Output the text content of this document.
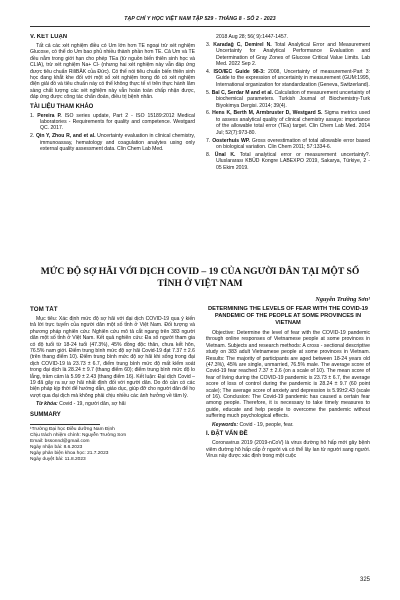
TẠP CHÍ Y HỌC VIỆT NAM TẬP 529 - THÁNG 8 - SỐ 2 - 2023
V. KẾT LUẬN

Tất cả các xét nghiệm điều có Um lớn hơn TE ngoại trừ xét nghiệm Glucose, có thể do Um bao phủ nhiều thành phần hơn TE. Cả Um và TE đều nằm trong giới hạn cho phép TEa (từ nguồn biến thiên sinh học và CLIA), trừ xét nghiệm Na+ Cl- (nhưng hai xét nghiệm này vẫn đáp ứng được tiêu chuẩn RiliBÄK của Đức). Có thể nói tiêu chuẩn biến thiên sinh học đang khắt khe đối với một số xét nghiệm trong đó có xét nghiệm điện giải đồ và tiêu chuẩn này có thể không thực tế vì trên thực hành lâm sàng chất lượng các xét nghiệm này vẫn hoàn toàn chấp nhận được, đáp ứng được công tác chẩn đoán, điều trị bệnh nhân.

TÀI LIỆU THAM KHẢO
1. Pereira P. ISO series update, Part 2 - ISO 15189:2012 Medical laboratories - Requirements for quality and competence. Westgard QC. 2017.
2. Qin Y, Zhou R, and et al. Uncertainty evaluation in clinical chemistry, immunoassay, hematology and coagulation analytes using only external quality assessment data. Clin Chem Lab Med.
2018 Aug 28; 56( 9):1447-1457.
3. Karadağ C, Demirel N. Total Analytical Error and Measurement Uncertainty for Analytical Performance Evaluation and Determination of Gray Zones of Glucose Critical Value Limits. Lab Med. 2022 Sep 2.
4. ISO/IEC Guide 98-3: 2008, Uncertainty of measurement-Part 3: Guide to the expression of uncertainty in measurement (GUM:1995, International organization for standardization (Geneva, Switzerland).
5. Bal C, Serdar M and et al. Calculation of measurement uncertainty of biochemical parameters. Turkish Journal of Biochemistry-Turk Biyokimya Dergisi. 2014; 39(4).
6. Hens K, Berth M, Armbruster D, Westgard S. Sigma metrics used to assess analytical quality of clinical chemistry assays: importance of the allowable total error (TEa) target. Clin Chem Lab Med. 2014 Jul; 52(7):973-80.
7. Oosterhuis WP. Gross overestimation of total allowable error based on biological variation. Clin Chem 2011; 57:1334-6.
8. Ünal K. Total analytical error or measurement uncertainty?. Uluslararası KBÜD Kongre LABEXPO 2019, Sakarya, Türkiye, 2 - 05 Ekim 2019.
MỨC ĐỘ SỢ HÃI VỚI DỊCH COVID – 19 CỦA NGƯỜI DÂN TẠI MỘT SỐ TỈNH Ở VIỆT NAM
Nguyễn Trường Sơn¹
TÓM TẮT

Mục tiêu: Xác định mức độ sợ hãi với đại dịch COVID-19 qua ý kiến trả lời trực tuyến của người dân một số tỉnh ở Việt Nam. Đối tượng và phương pháp nghiên cứu: Nghiên cứu mô tả cắt ngang trên 383 người dân một số tỉnh ở Việt Nam. Kết quả nghiên cứu: Đa số người tham gia có độ tuổi từ 18-24 tuổi (47.3%), 45% đồng độc thân, chưa kết hôn, 76.5% nam giới. Điểm trung bình mức độ sợ hãi Covid-19 đạt 7.37 ± 2.6 (trên thang điểm 10). Điểm trung bình mức độ sợ hãi khi sống trong đại dịch COVID-19 là 23.73 ± 6.7, điểm trung bình mức độ mất kiểm soát trong đại dịch là 28.24 ± 9.7 (thang điểm 60); điểm trung bình mức độ lo lắng, trầm cảm là 5.99 ± 2.43 (thang điểm 16). Kết luận: Đại dịch Covid – 19 đã gây ra sự sợ hãi nhất định đối với người dân. Do đó cần có các biện pháp kịp thời để hướng dẫn, giáo dục, giúp đỡ cho người dân để họ vượt qua đại dịch mà không phải chịu nhiều các ảnh hưởng về tâm lý.

Từ khóa: Covid - 19, người dân, sợ hãi

SUMMARY

¹Trường Đại học Điều dưỡng Nam Định

Chịu trách nhiệm chính: Nguyễn Trường Sơn

Email: bssonnd@gmail.com

Ngày nhận bài: 8.6.2023

Ngày phản biện khoa học: 21.7.2023

Ngày duyệt bài: 11.8.2023

DETERMINING THE LEVELS OF FEAR WITH THE COVID-19 PANDEMIC OF THE PEOPLE AT SOME PROVINCES IN VIETNAM

Objective: Determine the level of fear with the COVID-19 pandemic through online responses of Vietnamese people at some provinces in Vietnam. Subjects and research methods: A cross - sectional descriptive study on 383 adult Vietnamese people at some provinces in Vietnam. Results: The majority of participants are aged between 18-24 years old (47.3%), 45% are single, unmarried, 76.5% male. The average score of Covid-19 fear reached 7.37 ± 2.6 (on a scale of 10). The mean score of fear of living during the COVID-19 pandemic is 23.73 ± 6.7, the average score of loss of control during the pandemic is 28.24 ± 9.7 (60 point scale); The average score of anxiety and depression is 5.99±2.43 (scale of 16). Conclusion: The Covid-19 pandemic has caused a certain fear among people. Therefore, it is necessary to take timely measures to guide, educate and help people to overcome the pandemic without suffering much psychological effects.

Keywords: Covid - 19, people, fear.

I. ĐẶT VẤN ĐỀ

Coronavirus 2019 (2019-nCoV) là virus đường hô hấp mới gây bệnh viêm đường hô hấp cấp ở người và có thể lây lan từ người sang người. Virus này được xác định trong một cuộc

325
